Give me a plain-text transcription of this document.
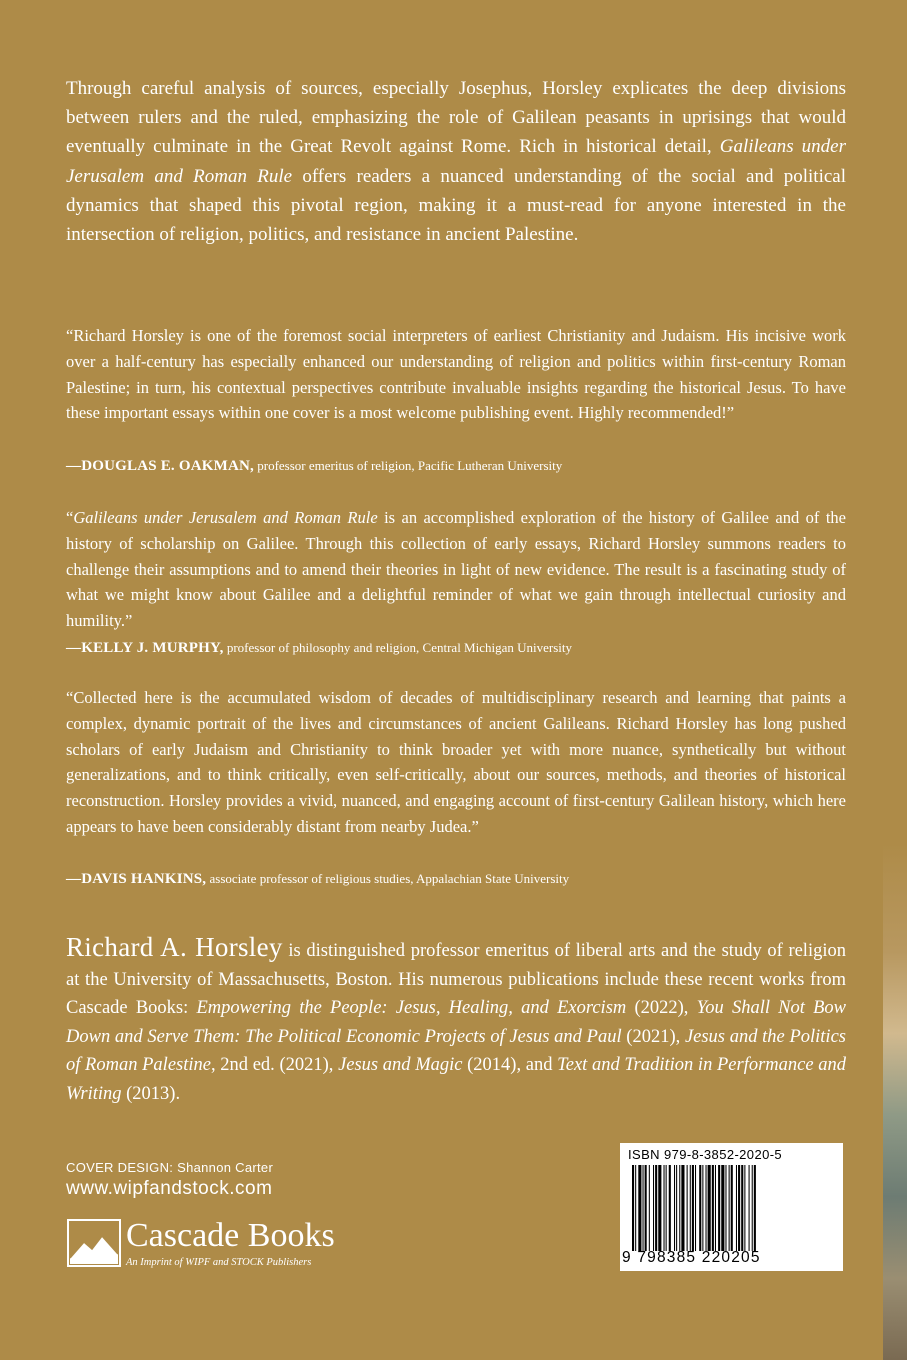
Through careful analysis of sources, especially Josephus, Horsley explicates the deep divisions between rulers and the ruled, emphasizing the role of Galilean peasants in uprisings that would eventually culminate in the Great Revolt against Rome. Rich in historical detail, Galileans under Jerusalem and Roman Rule offers readers a nuanced understanding of the social and political dynamics that shaped this pivotal region, making it a must-read for anyone interested in the intersection of religion, politics, and resistance in ancient Palestine.

“Richard Horsley is one of the foremost social interpreters of earliest Christianity and Judaism. His incisive work over a half-century has especially enhanced our understanding of religion and politics within first-century Roman Palestine; in turn, his contextual perspectives contribute invaluable insights regarding the historical Jesus. To have these important essays within one cover is a most welcome publishing event. Highly recommended!”

—DOUGLAS E. OAKMAN, professor emeritus of religion, Pacific Lutheran University

“Galileans under Jerusalem and Roman Rule is an accomplished exploration of the history of Galilee and of the history of scholarship on Galilee. Through this collection of early essays, Richard Horsley summons readers to challenge their assumptions and to amend their theories in light of new evidence. The result is a fascinating study of what we might know about Galilee and a delightful reminder of what we gain through intellectual curiosity and humility.”

—KELLY J. MURPHY, professor of philosophy and religion, Central Michigan University

“Collected here is the accumulated wisdom of decades of multidisciplinary research and learning that paints a complex, dynamic portrait of the lives and circumstances of ancient Galileans. Richard Horsley has long pushed scholars of early Judaism and Christianity to think broader yet with more nuance, synthetically but without generalizations, and to think critically, even self-critically, about our sources, methods, and theories of historical reconstruction. Horsley provides a vivid, nuanced, and engaging account of first-century Galilean history, which here appears to have been considerably distant from nearby Judea.”

—DAVIS HANKINS, associate professor of religious studies, Appalachian State University

Richard A. Horsley is distinguished professor emeritus of liberal arts and the study of religion at the University of Massachusetts, Boston. His numerous publications include these recent works from Cascade Books: Empowering the People: Jesus, Healing, and Exorcism (2022), You Shall Not Bow Down and Serve Them: The Political Economic Projects of Jesus and Paul (2021), Jesus and the Politics of Roman Palestine, 2nd ed. (2021), Jesus and Magic (2014), and Text and Tradition in Performance and Writing (2013).

COVER DESIGN: Shannon Carter
www.wipfandstock.com
Cascade Books
An Imprint of WIPF and STOCK Publishers
ISBN 979-8-3852-2020-5
9 798385 220205
